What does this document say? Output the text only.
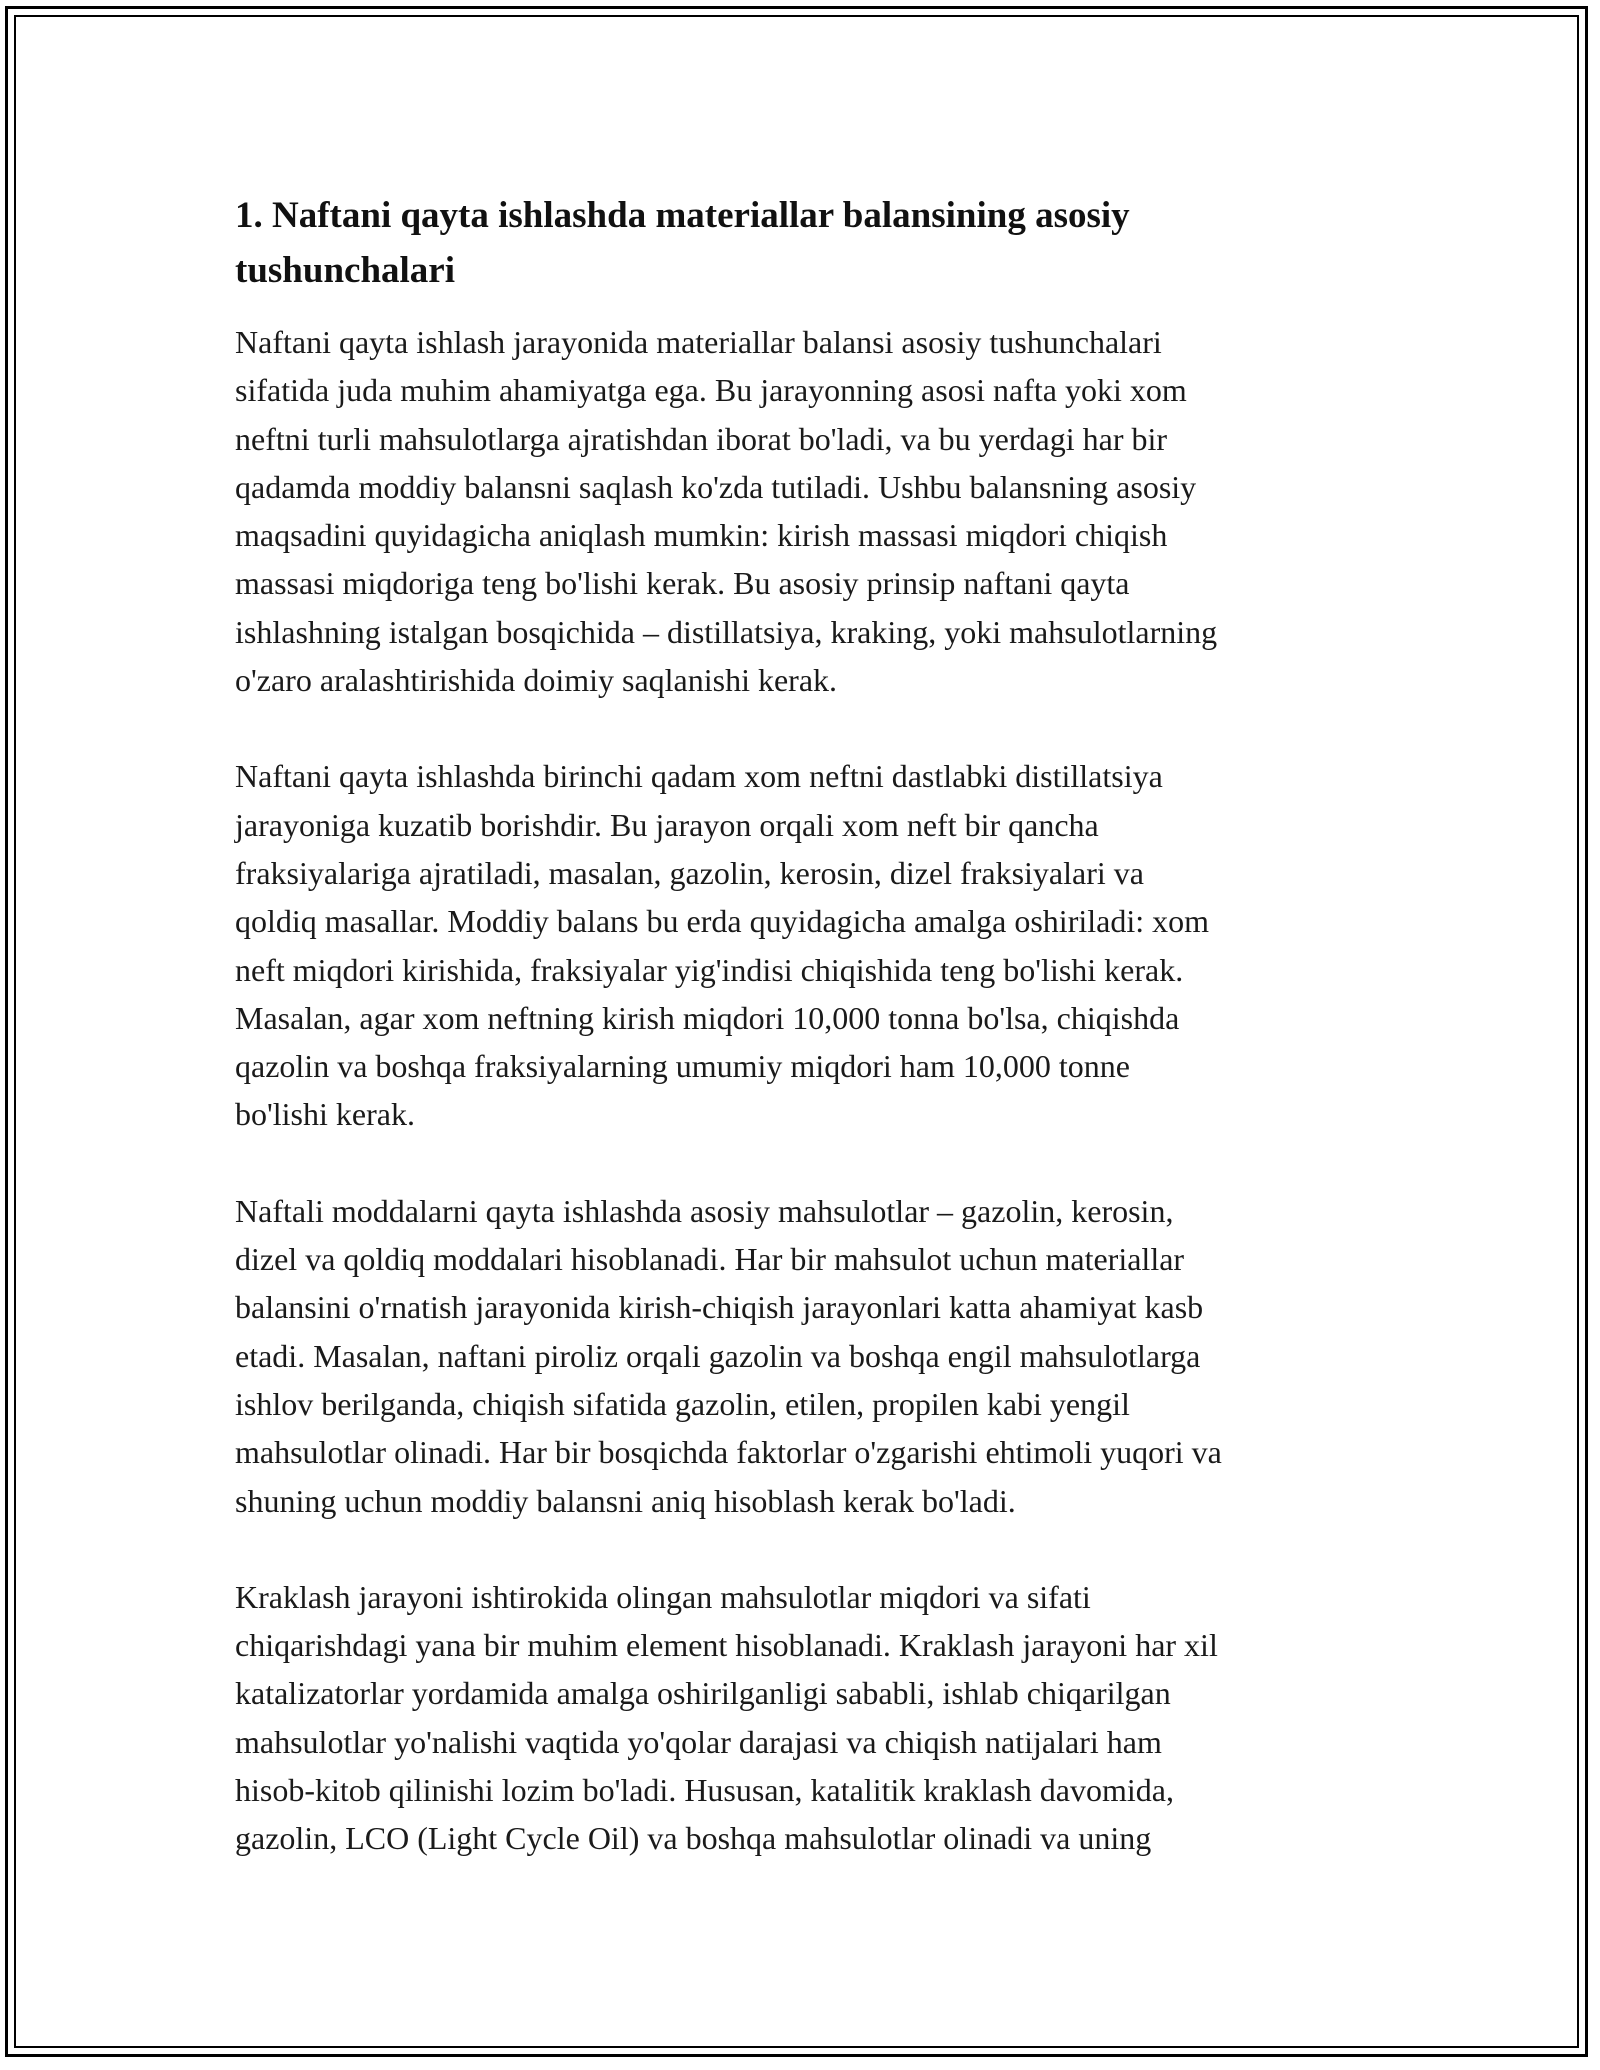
1. Naftani qayta ishlashda materiallar balansining asosiy
tushunchalari
Naftani qayta ishlash jarayonida materiallar balansi asosiy tushunchalari
sifatida juda muhim ahamiyatga ega. Bu jarayonning asosi nafta yoki xom
neftni turli mahsulotlarga ajratishdan iborat bo'ladi, va bu yerdagi har bir
qadamda moddiy balansni saqlash ko'zda tutiladi. Ushbu balansning asosiy
maqsadini quyidagicha aniqlash mumkin: kirish massasi miqdori chiqish
massasi miqdoriga teng bo'lishi kerak. Bu asosiy prinsip naftani qayta
ishlashning istalgan bosqichida – distillatsiya, kraking, yoki mahsulotlarning
o'zaro aralashtirishida doimiy saqlanishi kerak.
Naftani qayta ishlashda birinchi qadam xom neftni dastlabki distillatsiya
jarayoniga kuzatib borishdir. Bu jarayon orqali xom neft bir qancha
fraksiyalariga ajratiladi, masalan, gazolin, kerosin, dizel fraksiyalari va
qoldiq masallar. Moddiy balans bu erda quyidagicha amalga oshiriladi: xom
neft miqdori kirishida, fraksiyalar yig'indisi chiqishida teng bo'lishi kerak.
Masalan, agar xom neftning kirish miqdori 10,000 tonna bo'lsa, chiqishda
qazolin va boshqa fraksiyalarning umumiy miqdori ham 10,000 tonne
bo'lishi kerak.
Naftali moddalarni qayta ishlashda asosiy mahsulotlar – gazolin, kerosin,
dizel va qoldiq moddalari hisoblanadi. Har bir mahsulot uchun materiallar
balansini o'rnatish jarayonida kirish-chiqish jarayonlari katta ahamiyat kasb
etadi. Masalan, naftani piroliz orqali gazolin va boshqa engil mahsulotlarga
ishlov berilganda, chiqish sifatida gazolin, etilen, propilen kabi yengil
mahsulotlar olinadi. Har bir bosqichda faktorlar o'zgarishi ehtimoli yuqori va
shuning uchun moddiy balansni aniq hisoblash kerak bo'ladi.
Kraklash jarayoni ishtirokida olingan mahsulotlar miqdori va sifati
chiqarishdagi yana bir muhim element hisoblanadi. Kraklash jarayoni har xil
katalizatorlar yordamida amalga oshirilganligi sababli, ishlab chiqarilgan
mahsulotlar yo'nalishi vaqtida yo'qolar darajasi va chiqish natijalari ham
hisob-kitob qilinishi lozim bo'ladi. Hususan, katalitik kraklash davomida,
gazolin, LCO (Light Cycle Oil) va boshqa mahsulotlar olinadi va uning
